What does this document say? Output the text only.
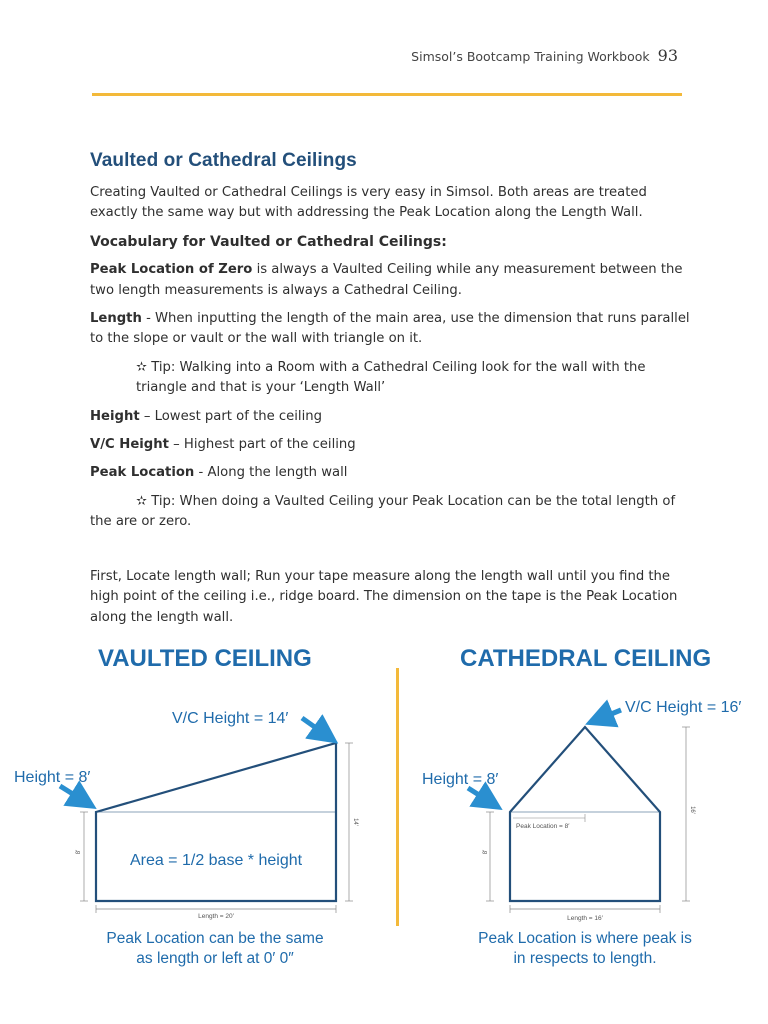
Simsol’s Bootcamp Training Workbook 93
Vaulted or Cathedral Ceilings

Creating Vaulted or Cathedral Ceilings is very easy in Simsol. Both areas are treated exactly the same way but with addressing the Peak Location along the Length Wall.

Vocabulary for Vaulted or Cathedral Ceilings:

Peak Location of Zero is always a Vaulted Ceiling while any measurement between the two length measurements is always a Cathedral Ceiling.

Length - When inputting the length of the main area, use the dimension that runs parallel to the slope or vault or the wall with triangle on it.

✫ Tip: Walking into a Room with a Cathedral Ceiling look for the wall with the triangle and that is your ‘Length Wall’

Height – Lowest part of the ceiling

V/C Height – Highest part of the ceiling

Peak Location - Along the length wall

✫ Tip: When doing a Vaulted Ceiling your Peak Location can be the total length of the are or zero.

First, Locate length wall; Run your tape measure along the length wall until you find the high point of the ceiling i.e., ridge board. The dimension on the tape is the Peak Location along the length wall.

VAULTED CEILING	CATHEDRAL CEILING
8′
14′
Length = 20′
V/C Height = 14′
Height = 8′
Area = 1/2 base * height
Peak Location = 8′
8′
16′
Length = 16′
V/C Height = 16′
Height = 8′
Peak Location can be the same
as length or left at 0′ 0″
Peak Location is where peak is
in respects to length.
